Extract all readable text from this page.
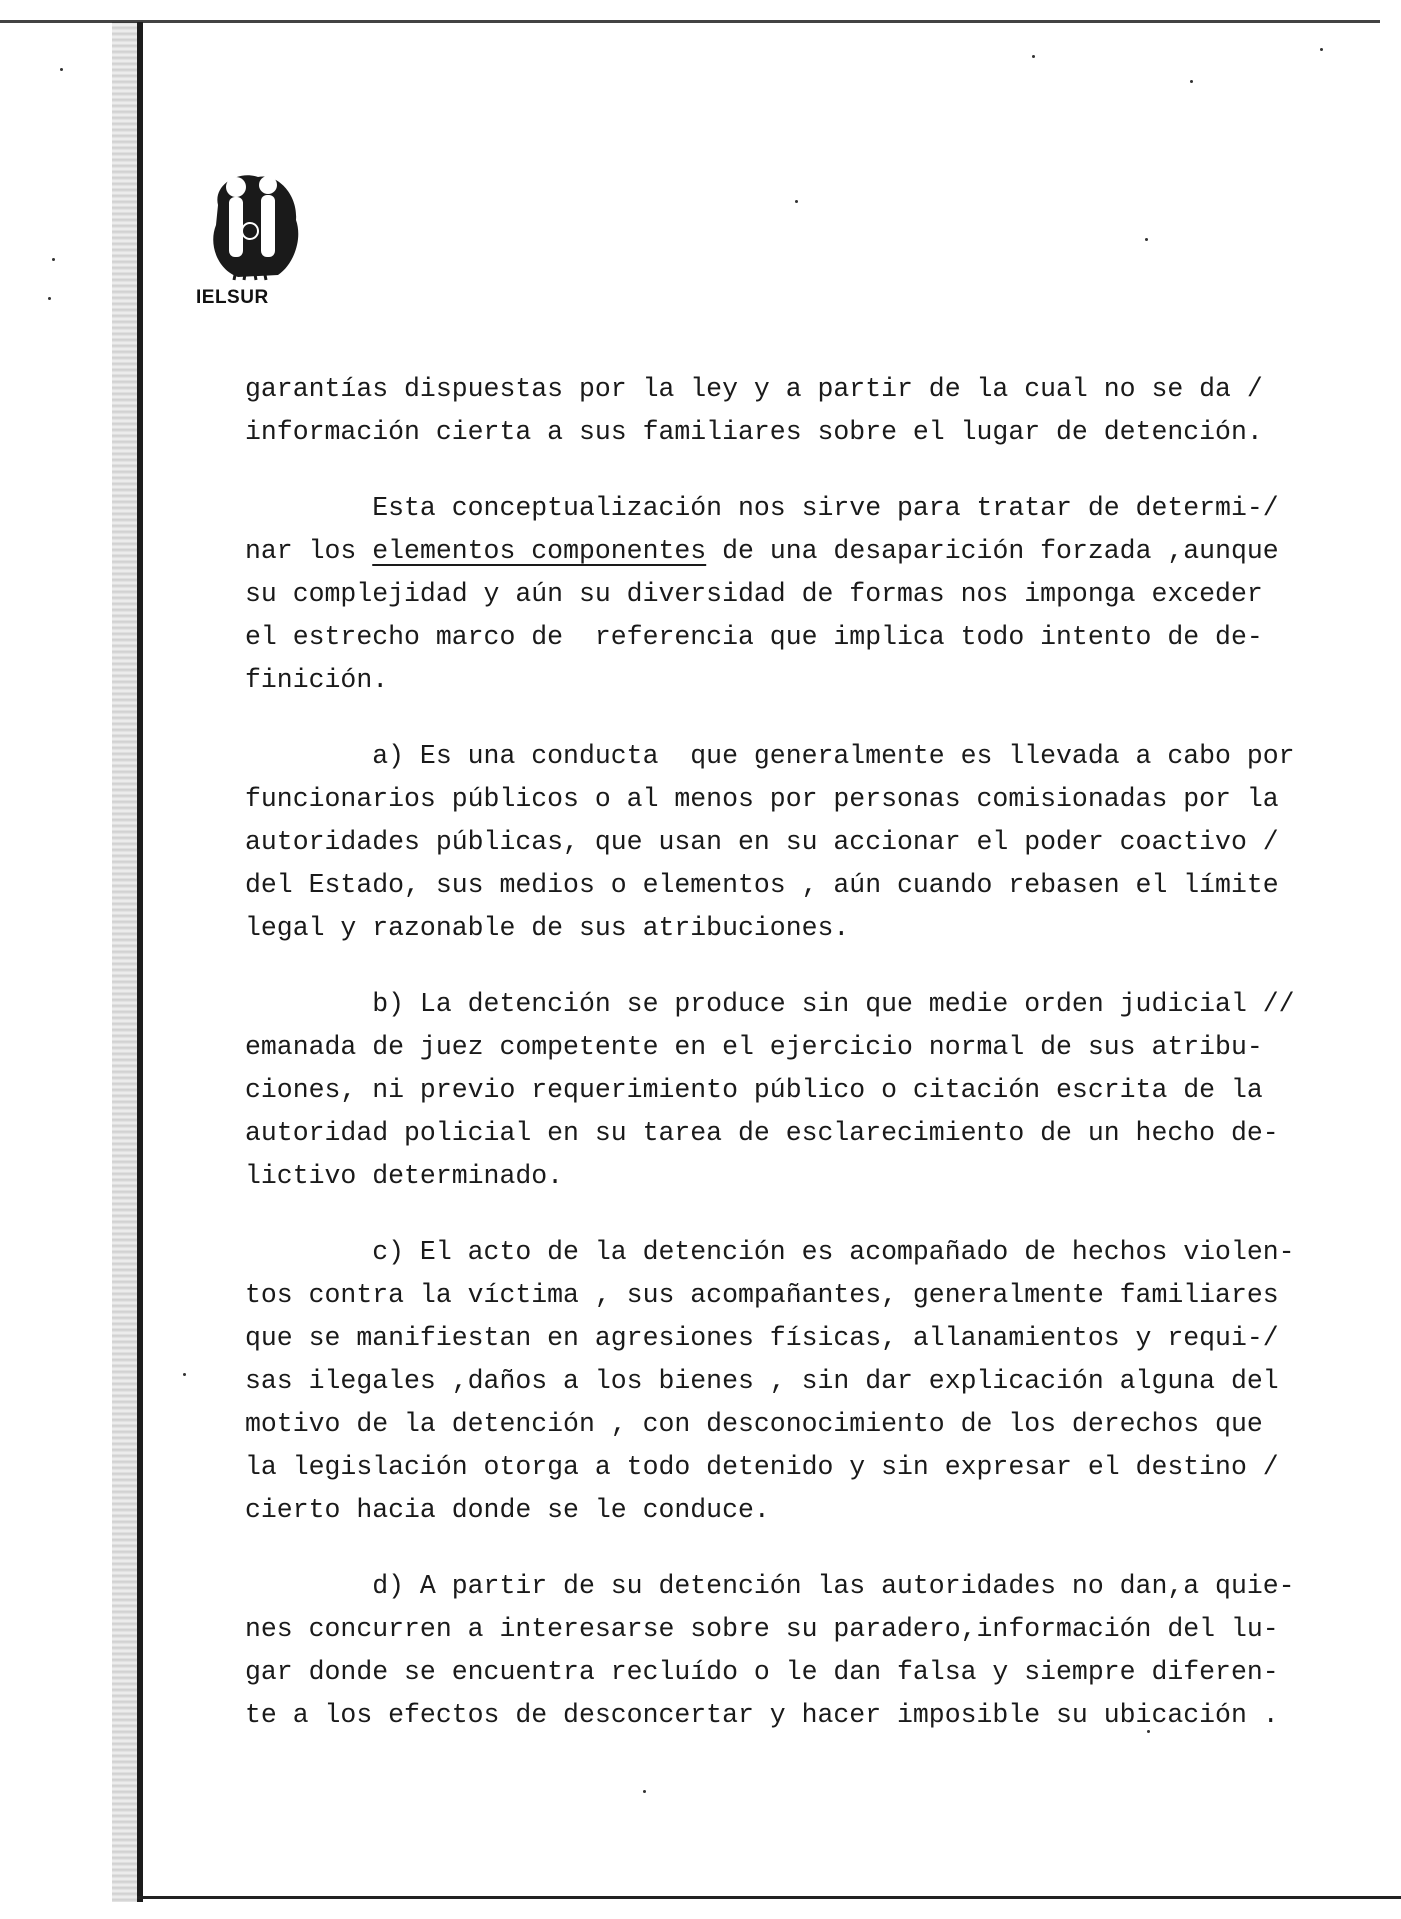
IELSUR
garantías dispuestas por la ley y a partir de la cual no se da /
información cierta a sus familiares sobre el lugar de detención.
Esta conceptualización nos sirve para tratar de determi-/
nar los elementos componentes de una desaparición forzada ,aunque
su complejidad y aún su diversidad de formas nos imponga exceder
el estrecho marco de  referencia que implica todo intento de de-
finición.
a) Es una conducta  que generalmente es llevada a cabo por
funcionarios públicos o al menos por personas comisionadas por la
autoridades públicas, que usan en su accionar el poder coactivo /
del Estado, sus medios o elementos , aún cuando rebasen el límite
legal y razonable de sus atribuciones.
b) La detención se produce sin que medie orden judicial //
emanada de juez competente en el ejercicio normal de sus atribu-
ciones, ni previo requerimiento público o citación escrita de la
autoridad policial en su tarea de esclarecimiento de un hecho de-
lictivo determinado.
c) El acto de la detención es acompañado de hechos violen-
tos contra la víctima , sus acompañantes, generalmente familiares
que se manifiestan en agresiones físicas, allanamientos y requi-/
sas ilegales ,daños a los bienes , sin dar explicación alguna del
motivo de la detención , con desconocimiento de los derechos que
la legislación otorga a todo detenido y sin expresar el destino /
cierto hacia donde se le conduce.
d) A partir de su detención las autoridades no dan,a quie-
nes concurren a interesarse sobre su paradero,información del lu-
gar donde se encuentra recluído o le dan falsa y siempre diferen-
te a los efectos de desconcertar y hacer imposible su ubicación .
